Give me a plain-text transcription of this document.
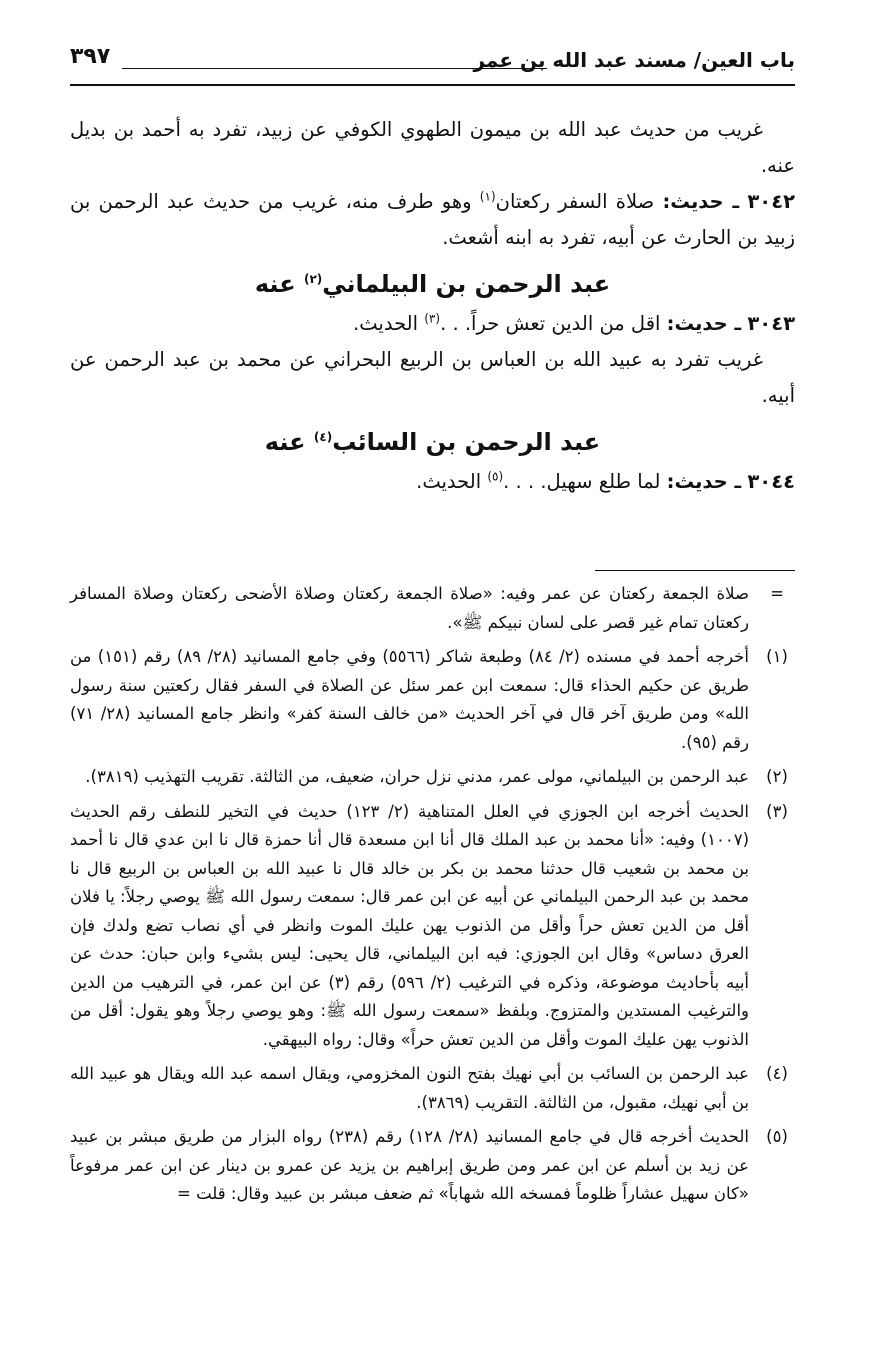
باب العين/ مسند عبد الله بن عمر
٣٩٧

غريب من حديث عبد الله بن ميمون الطهوي الكوفي عن زبيد، تفرد به أحمد بن بديل عنه.

٣٠٤٢ ـ حديث: صلاة السفر ركعتان$^{(١)}$ وهو طرف منه، غريب من حديث عبد الرحمن بن زبيد بن الحارث عن أبيه، تفرد به ابنه أشعث.

عبد الرحمن بن البيلماني$^{(٢)}$ عنه

٣٠٤٣ ـ حديث: اقل من الدين تعش حراً. . .$^{(٣)}$ الحديث.

غريب تفرد به عبيد الله بن العباس بن الربيع البحراني عن محمد بن عبد الرحمن عن أبيه.

عبد الرحمن بن السائب$^{(٤)}$ عنه

٣٠٤٤ ـ حديث: لما طلع سهيل. . . .$^{(٥)}$ الحديث.

=
صلاة الجمعة ركعتان عن عمر وفيه: «صلاة الجمعة ركعتان وصلاة الأضحى ركعتان وصلاة المسافر ركعتان تمام غير قصر على لسان نبيكم ﷺ».
(١)
أخرجه أحمد في مسنده (٢/ ٨٤) وطبعة شاكر (٥٥٦٦) وفي جامع المسانيد (٢٨/ ٨٩) رقم (١٥١) من طريق عن حكيم الحذاء قال: سمعت ابن عمر سئل عن الصلاة في السفر فقال ركعتين سنة رسول الله» ومن طريق آخر قال في آخر الحديث «من خالف السنة كفر» وانظر جامع المسانيد (٢٨/ ٧١) رقم (٩٥).
(٢)
عبد الرحمن بن البيلماني، مولى عمر، مدني نزل حران، ضعيف، من الثالثة. تقريب التهذيب (٣٨١٩).
(٣)
الحديث أخرجه ابن الجوزي في العلل المتناهية (٢/ ١٢٣) حديث في التخير للنطف رقم الحديث (١٠٠٧) وفيه: «أنا محمد بن عبد الملك قال أنا ابن مسعدة قال أنا حمزة قال نا ابن عدي قال نا أحمد بن محمد بن شعيب قال حدثنا محمد بن بكر بن خالد قال نا عبيد الله بن العباس بن الربيع قال نا محمد بن عبد الرحمن البيلماني عن أبيه عن ابن عمر قال: سمعت رسول الله ﷺ يوصي رجلاً: يا فلان أقل من الدين تعش حراً وأقل من الذنوب يهن عليك الموت وانظر في أي نصاب تضع ولدك فإن العرق دساس» وقال ابن الجوزي: فيه ابن البيلماني، قال يحيى: ليس بشيء وابن حبان: حدث عن أبيه بأحاديث موضوعة، وذكره في الترغيب (٢/ ٥٩٦) رقم (٣) عن ابن عمر، في الترهيب من الدين والترغيب المستدين والمتزوج. وبلفظ «سمعت رسول الله ﷺ: وهو يوصي رجلاً وهو يقول: أقل من الذنوب يهن عليك الموت وأقل من الدين تعش حراً» وقال: رواه البيهقي.
(٤)
عبد الرحمن بن السائب بن أبي نهيك بفتح النون المخزومي، ويقال اسمه عبد الله ويقال هو عبيد الله بن أبي نهيك، مقبول، من الثالثة. التقريب (٣٨٦٩).
(٥)
الحديث أخرجه قال في جامع المسانيد (٢٨/ ١٢٨) رقم (٢٣٨) رواه البزار من طريق مبشر بن عبيد عن زيد بن أسلم عن ابن عمر ومن طريق إبراهيم بن يزيد عن عمرو بن دينار عن ابن عمر مرفوعاً «كان سهيل عشاراً ظلوماً فمسخه الله شهاباً» ثم ضعف مبشر بن عبيد وقال: قلت =
